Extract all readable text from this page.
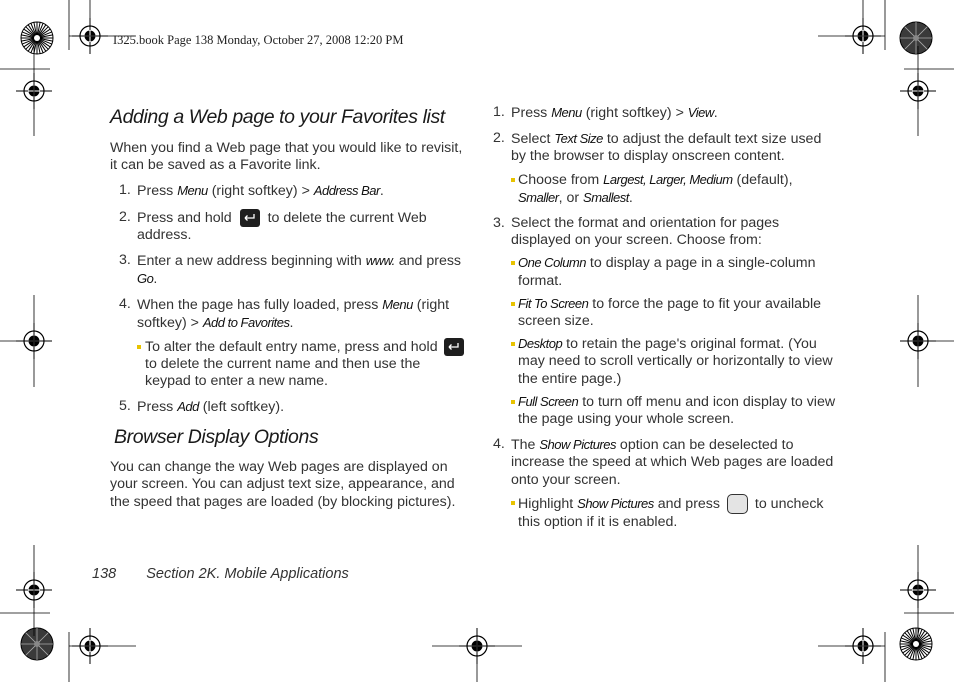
I325.book Page 138 Monday, October 27, 2008 12:20 PM
Adding a Web page to your Favorites list

When you find a Web page that you would like to revisit, it can be saved as a Favorite link.

1. Press Menu (right softkey) > Address Bar.
2. Press and hold	to delete the current Web address.
3. Enter a new address beginning with www. and press Go.
4. When the page has fully loaded, press Menu (right softkey) > Add to Favorites.
To alter the default entry name, press and hold
to delete the current name and then use the keypad to enter a new name.
5. Press Add (left softkey).
Browser Display Options

You can change the way Web pages are displayed on your screen. You can adjust text size, appearance, and the speed that pages are loaded (by blocking pictures).

1. Press Menu (right softkey) > View.
2. Select Text Size to adjust the default text size used by the browser to display onscreen content.
Choose from Largest, Larger, Medium (default), Smaller, or Smallest.
3. Select the format and orientation for pages displayed on your screen. Choose from:
One Column to display a page in a single-column format.
Fit To Screen to force the page to fit your available screen size.
Desktop to retain the page's original format. (You may need to scroll vertically or horizontally to view the entire page.)
Full Screen to turn off menu and icon display to view the page using your whole screen.
4. The Show Pictures option can be deselected to increase the speed at which Web pages are loaded onto your screen.
Highlight Show Pictures and press to uncheck this option if it is enabled.
138 Section 2K. Mobile Applications
